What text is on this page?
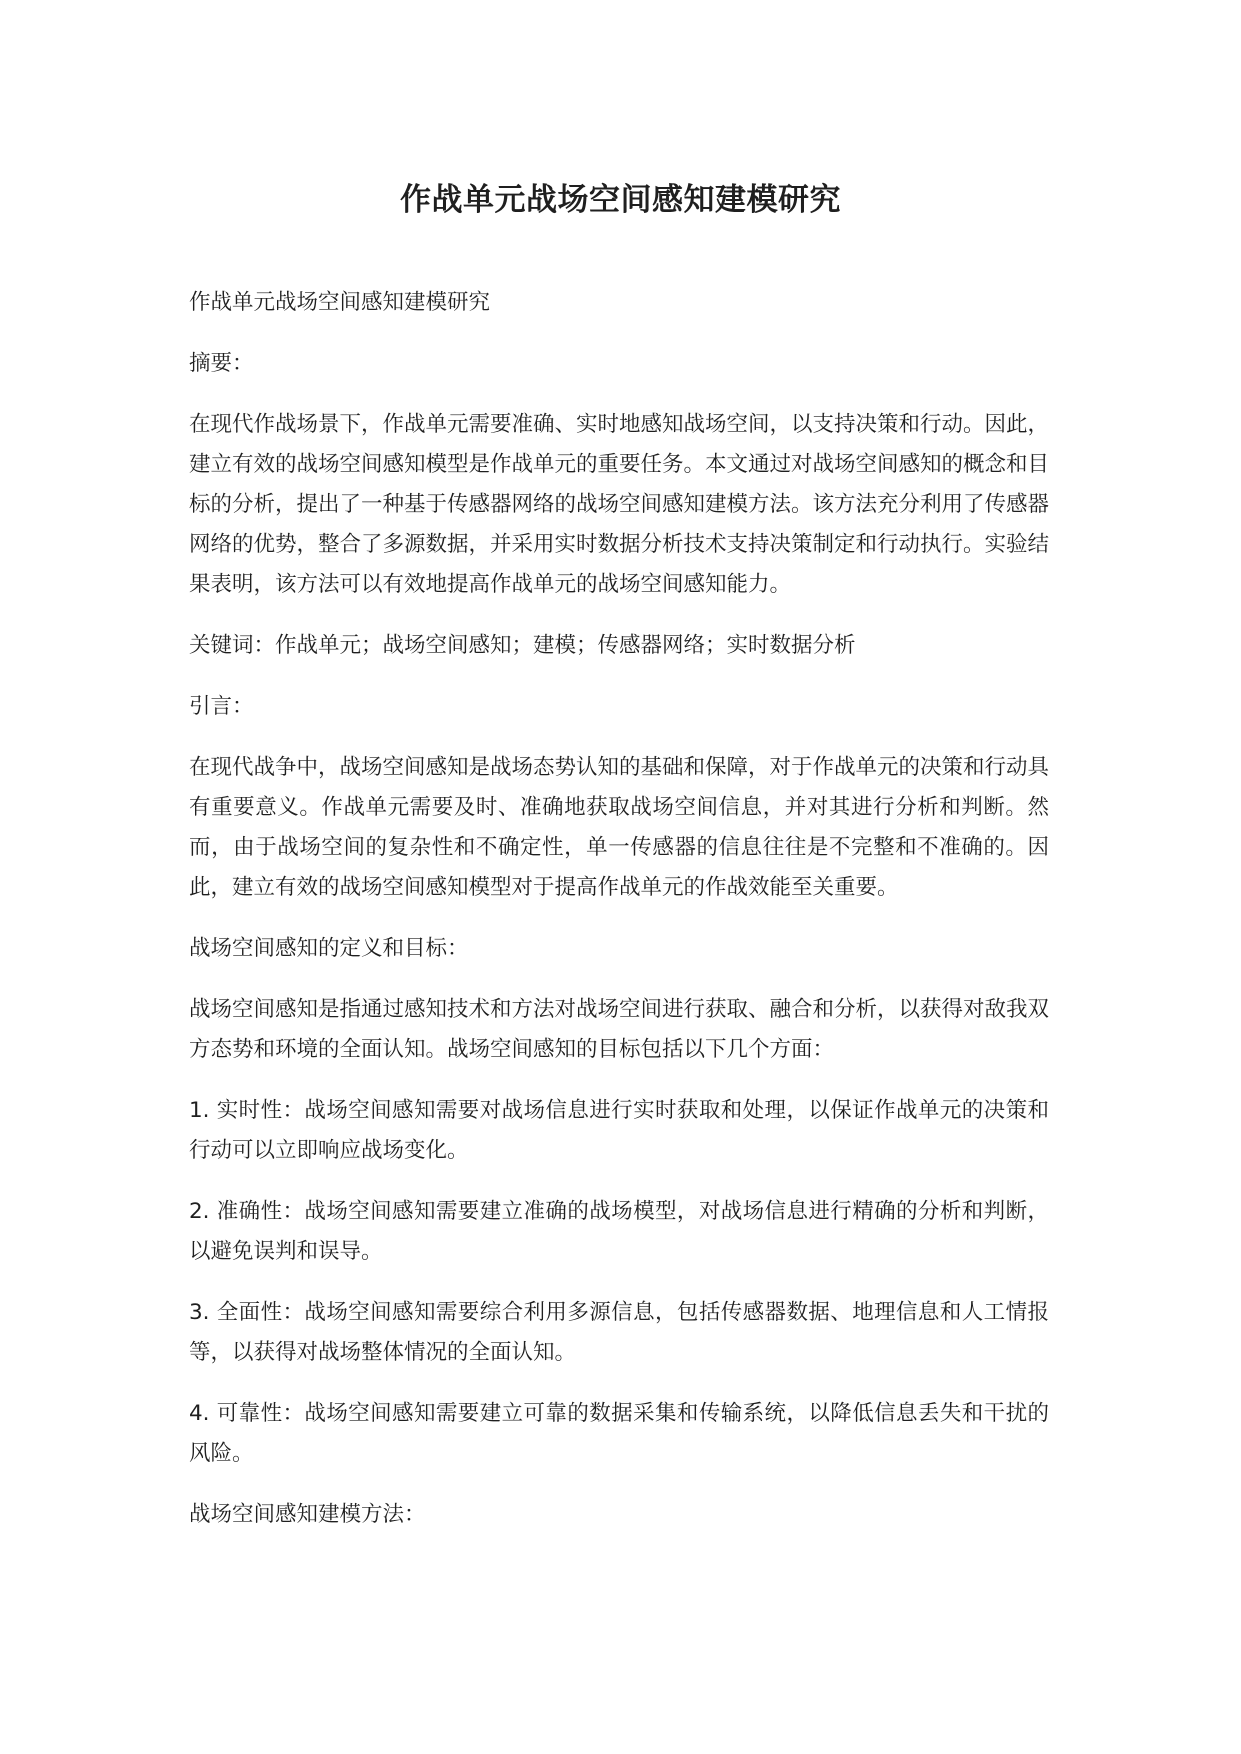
作战单元战场空间感知建模研究

作战单元战场空间感知建模研究

摘要：

在现代作战场景下，作战单元需要准确、实时地感知战场空间，以支持决策和行动。因此，建立有效的战场空间感知模型是作战单元的重要任务。本文通过对战场空间感知的概念和目标的分析，提出了一种基于传感器网络的战场空间感知建模方法。该方法充分利用了传感器网络的优势，整合了多源数据，并采用实时数据分析技术支持决策制定和行动执行。实验结果表明，该方法可以有效地提高作战单元的战场空间感知能力。

关键词：作战单元；战场空间感知；建模；传感器网络；实时数据分析

引言：

在现代战争中，战场空间感知是战场态势认知的基础和保障，对于作战单元的决策和行动具有重要意义。作战单元需要及时、准确地获取战场空间信息，并对其进行分析和判断。然而，由于战场空间的复杂性和不确定性，单一传感器的信息往往是不完整和不准确的。因此，建立有效的战场空间感知模型对于提高作战单元的作战效能至关重要。

战场空间感知的定义和目标：

战场空间感知是指通过感知技术和方法对战场空间进行获取、融合和分析，以获得对敌我双方态势和环境的全面认知。战场空间感知的目标包括以下几个方面：

1. 实时性：战场空间感知需要对战场信息进行实时获取和处理，以保证作战单元的决策和行动可以立即响应战场变化。

2. 准确性：战场空间感知需要建立准确的战场模型，对战场信息进行精确的分析和判断，以避免误判和误导。

3. 全面性：战场空间感知需要综合利用多源信息，包括传感器数据、地理信息和人工情报等，以获得对战场整体情况的全面认知。

4. 可靠性：战场空间感知需要建立可靠的数据采集和传输系统，以降低信息丢失和干扰的风险。

战场空间感知建模方法：
